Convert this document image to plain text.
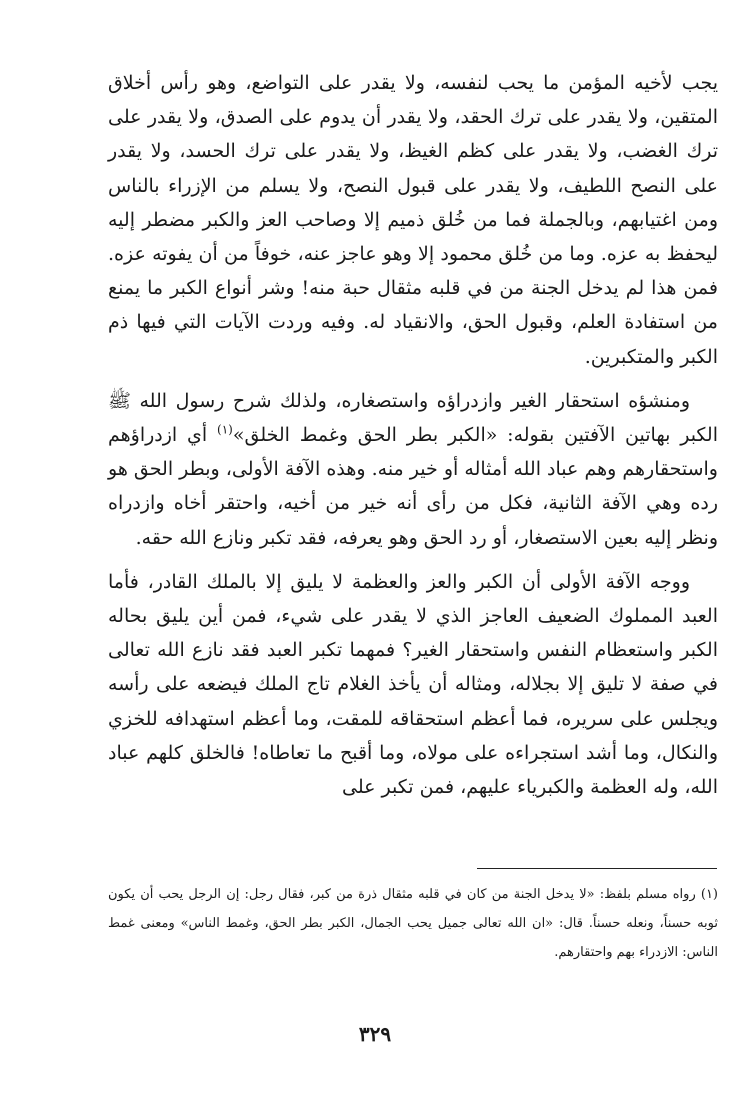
يجب لأخيه المؤمن ما يحب لنفسه، ولا يقدر على التواضع، وهو رأس أخلاق المتقين، ولا يقدر على ترك الحقد، ولا يقدر أن يدوم على الصدق، ولا يقدر على ترك الغضب، ولا يقدر على كظم الغيظ، ولا يقدر على ترك الحسد، ولا يقدر على النصح اللطيف، ولا يقدر على قبول النصح، ولا يسلم من الإزراء بالناس ومن اغتيابهم، وبالجملة فما من خُلق ذميم إلا وصاحب العز والكبر مضطر إليه ليحفظ به عزه. وما من خُلق محمود إلا وهو عاجز عنه، خوفاً من أن يفوته عزه. فمن هذا لم يدخل الجنة من في قلبه مثقال حبة منه! وشر أنواع الكبر ما يمنع من استفادة العلم، وقبول الحق، والانقياد له. وفيه وردت الآيات التي فيها ذم الكبر والمتكبرين.

ومنشؤه استحقار الغير وازدراؤه واستصغاره، ولذلك شرح رسول الله ﷺ الكبر بهاتين الآفتين بقوله: «الكبر بطر الحق وغمط الخلق»$^{(١)}$ أي ازدراؤهم واستحقارهم وهم عباد الله أمثاله أو خير منه. وهذه الآفة الأولى، وبطر الحق هو رده وهي الآفة الثانية، فكل من رأى أنه خير من أخيه، واحتقر أخاه وازدراه ونظر إليه بعين الاستصغار، أو رد الحق وهو يعرفه، فقد تكبر ونازع الله حقه.

ووجه الآفة الأولى أن الكبر والعز والعظمة لا يليق إلا بالملك القادر، فأما العبد المملوك الضعيف العاجز الذي لا يقدر على شيء، فمن أين يليق بحاله الكبر واستعظام النفس واستحقار الغير؟ فمهما تكبر العبد فقد نازع الله تعالى في صفة لا تليق إلا بجلاله، ومثاله أن يأخذ الغلام تاج الملك فيضعه على رأسه ويجلس على سريره، فما أعظم استحقاقه للمقت، وما أعظم استهدافه للخزي والنكال، وما أشد استجراءه على مولاه، وما أقبح ما تعاطاه! فالخلق كلهم عباد الله، وله العظمة والكبرياء عليهم، فمن تكبر على

(١) رواه مسلم بلفظ: «لا يدخل الجنة من كان في قلبه مثقال ذرة من كبر، فقال رجل: إن الرجل يحب أن يكون ثوبه حسناً، ونعله حسناً. قال: «ان الله تعالى جميل يحب الجمال، الكبر بطر الحق، وغمط الناس» ومعنى غمط الناس: الازدراء بهم واحتقارهم.

٣٢٩
